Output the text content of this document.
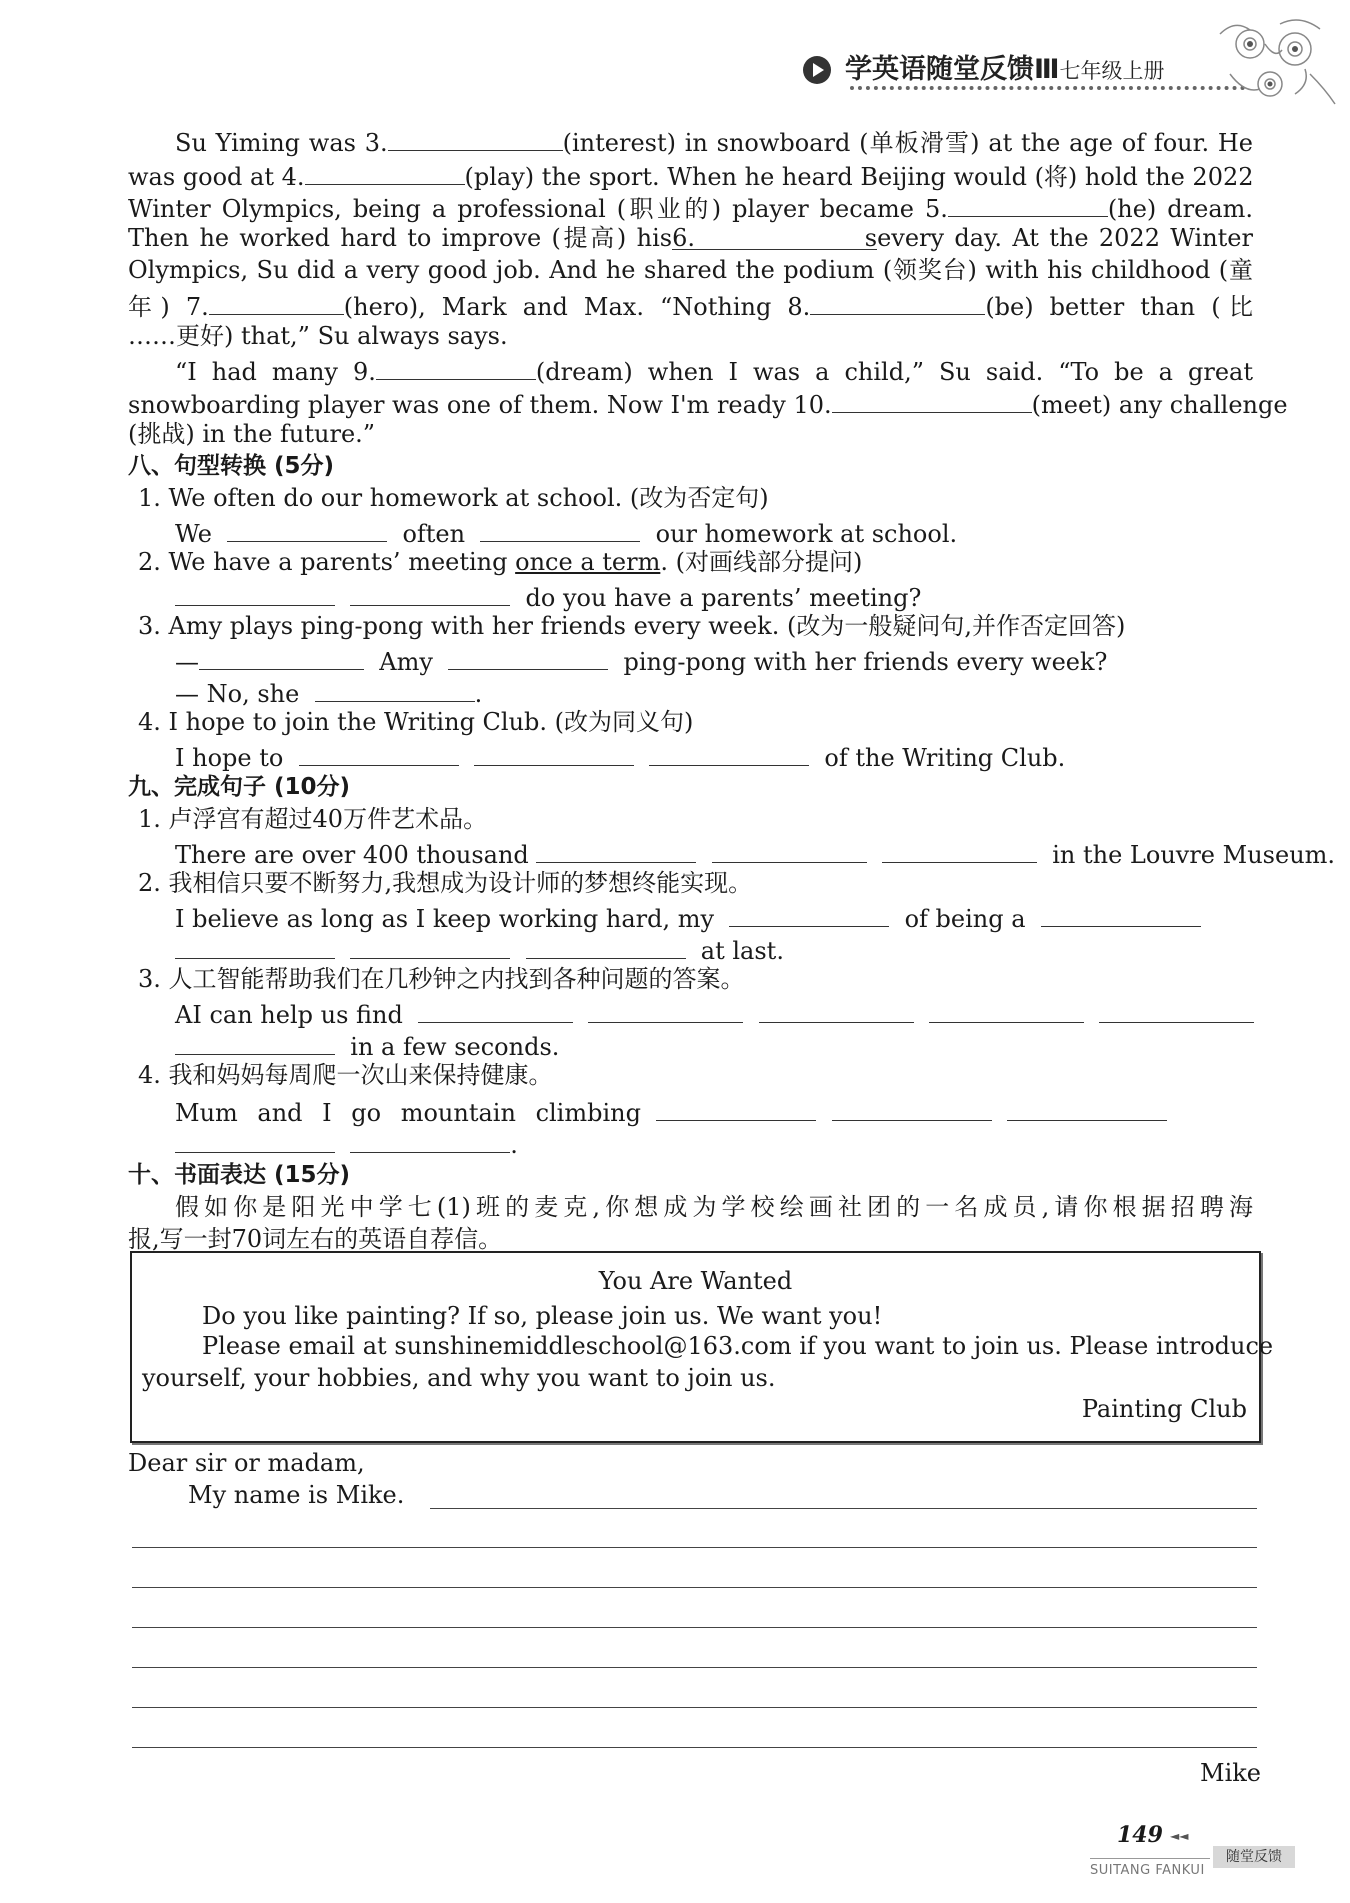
学英语随堂反馈Ⅲ七年级上册
Su Yiming was 3.	(interest) in snowboard (单板滑雪) at the age of four. He
was good at 4.	(play) the sport. When he heard Beijing would (将) hold the 2022
Winter Olympics, being a professional (职业的) player became 5.	(he) dream.
Then he worked hard to improve (提高) his6. severy day. At the 2022 Winter
Olympics, Su did a very good job. And he shared the podium (领奖台) with his childhood (童
年) 7.	(hero), Mark and Max. “Nothing 8.	(be) better than (比
……更好) that,” Su always says.
“I had many 9.	(dream) when I was a child,” Su said. “To be a great
snowboarding player was one of them. Now I'm ready 10.	(meet) any challenge
(挑战) in the future.”
八、句型转换 (5分)
1. We often do our homework at school. (改为否定句)
We	often	our homework at school.
2. We have a parents’ meeting once a term. (对画线部分提问)
do you have a parents’ meeting?
3. Amy plays ping-pong with her friends every week. (改为一般疑问句,并作否定回答)
—	Amy	ping-pong with her friends every week?
— No, she	.
4. I hope to join the Writing Club. (改为同义句)
I hope to	of the Writing Club.
九、完成句子 (10分)
1. 卢浮宫有超过40万件艺术品。
There are over 400 thousand	in the Louvre Museum.
2. 我相信只要不断努力,我想成为设计师的梦想终能实现。
I believe as long as I keep working hard, my	of being a
at last.
3. 人工智能帮助我们在几秒钟之内找到各种问题的答案。
AI can help us find
in a few seconds.
4. 我和妈妈每周爬一次山来保持健康。
Mum and I go mountain climbing
.
十、书面表达 (15分)
假如你是阳光中学七(1)班的麦克,你想成为学校绘画社团的一名成员,请你根据招聘海
报,写一封70词左右的英语自荐信。
You Are Wanted
Do you like painting? If so, please join us. We want you!
Please email at sunshinemiddleschool@163.com if you want to join us. Please introduce
yourself, your hobbies, and why you want to join us.
Painting Club
Dear sir or madam,
My name is Mike.
Mike
149 ◄◄
SUITANG FANKUI
随堂反馈
